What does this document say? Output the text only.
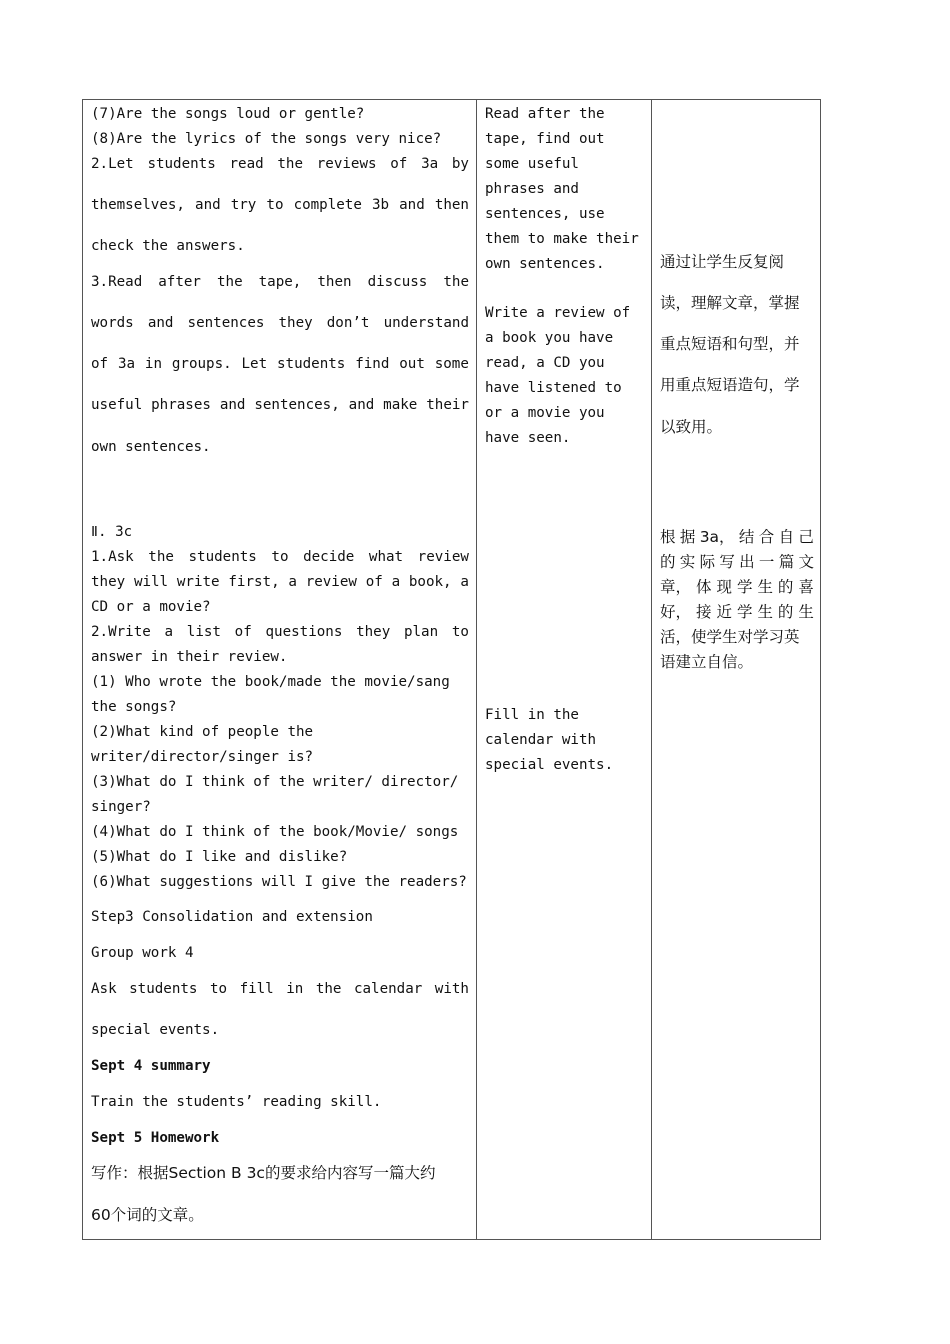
(7)Are the songs loud or gentle?
(8)Are the lyrics of the songs very nice?
2.Let students read the reviews of 3a by
themselves, and try to complete 3b and then
check the answers.
3.Read after the tape, then discuss the
words and sentences they don’t understand
of 3a in groups. Let students find out some
useful phrases and sentences, and make their
own sentences.
Ⅱ. 3c
1.Ask the students to decide what review
they will write first, a review of a book, a
CD or a movie?
2.Write a list of questions they plan to
answer in their review.
(1) Who wrote the book/made the movie/sang
the songs?
(2)What kind of people the
writer/director/singer is?
(3)What do I think of the writer/ director/
singer?
(4)What do I think of the book/Movie/ songs
(5)What do I like and dislike?
(6)What suggestions will I give the readers?
Step3 Consolidation and extension
Group work 4
Ask students to fill in the calendar with
special events.
Sept 4 summary
Train the students’ reading skill.
Sept 5 Homework
写作：根据Section B 3c的要求给内容写一篇大约
60个词的文章。
Read after the
tape, find out
some useful
phrases and
sentences, use
them to make their
own sentences.
Write a review of
a book you have
read, a CD you
have listened to
or a movie you
have seen.
Fill in the
calendar with
special events.
通过让学生反复阅
读，理解文章，掌握
重点短语和句型，并
用重点短语造句，学
以致用。
根 据 3a， 结 合 自 己
的 实 际 写 出 一 篇 文
章， 体 现 学 生 的 喜
好， 接 近 学 生 的 生
活，使学生对学习英
语建立自信。
